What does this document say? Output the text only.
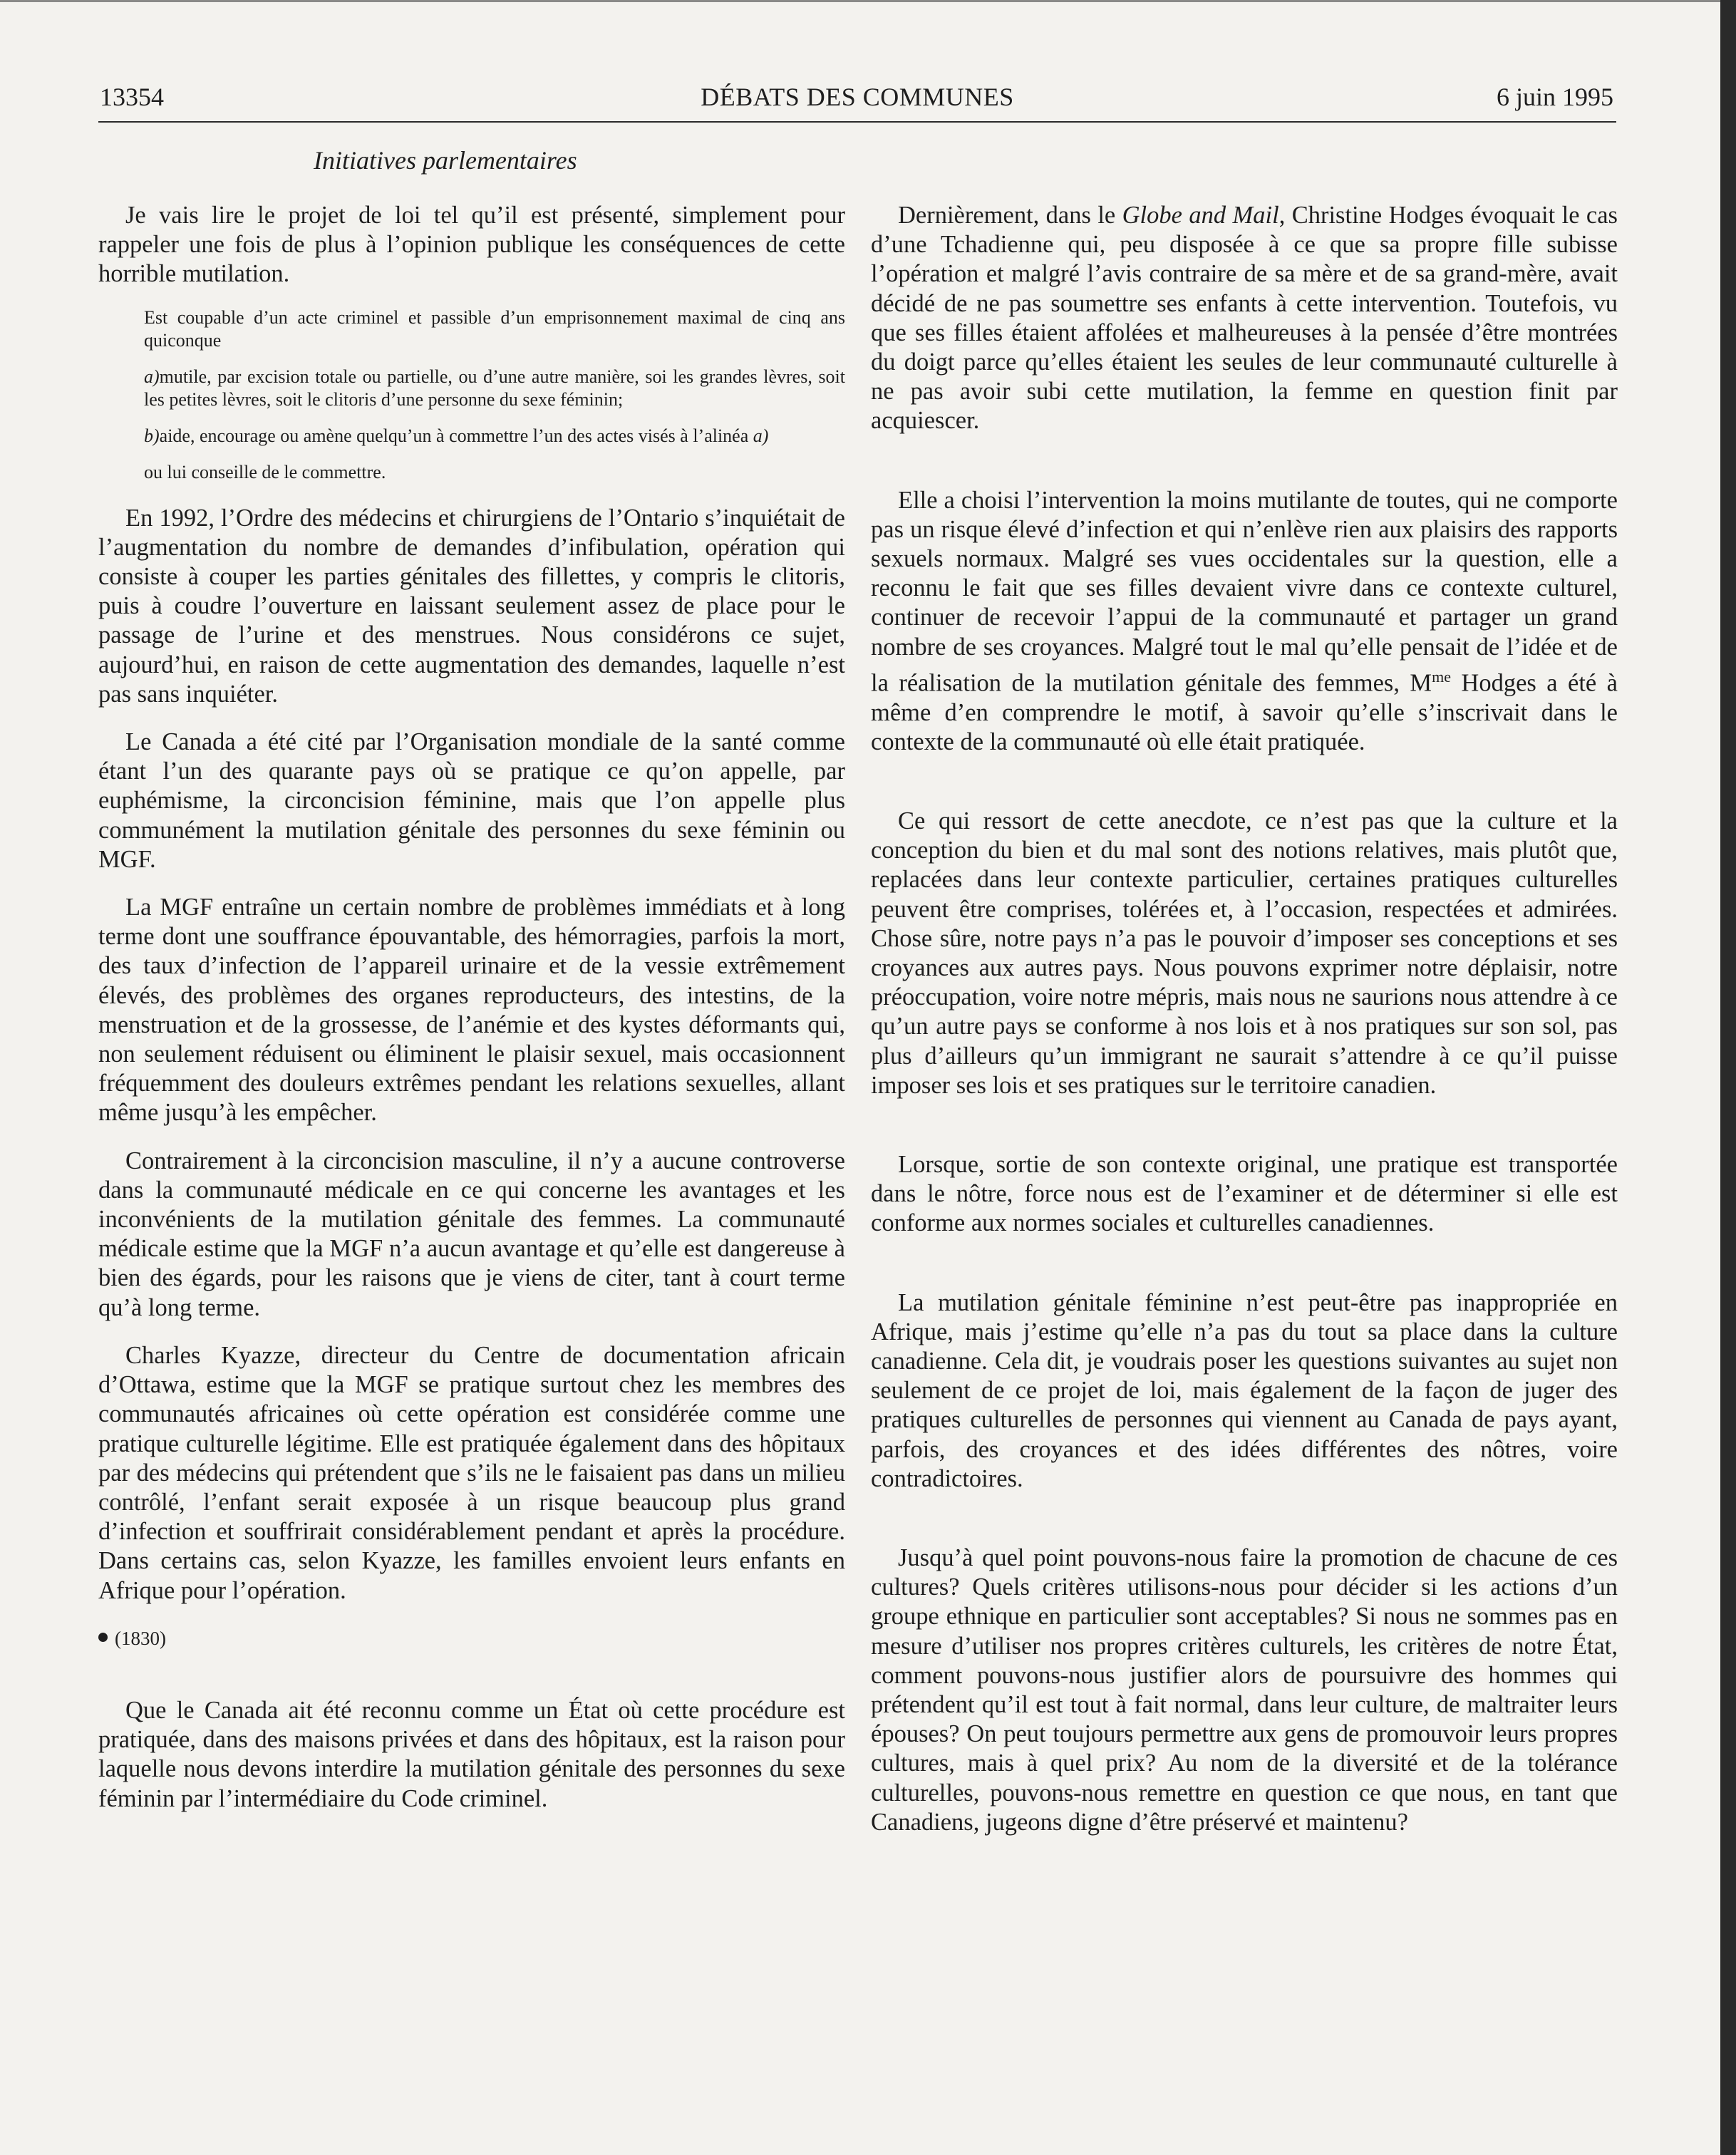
13354	DÉBATS DES COMMUNES	6 juin 1995
Initiatives parlementaires

Je vais lire le projet de loi tel qu’il est présenté, simplement pour rappeler une fois de plus à l’opinion publique les conséquences de cette horrible mutilation.

Est coupable d’un acte criminel et passible d’un emprisonnement maximal de cinq ans quiconque

a)mutile, par excision totale ou partielle, ou d’une autre manière, soi les grandes lèvres, soit les petites lèvres, soit le clitoris d’une personne du sexe féminin;

b)aide, encourage ou amène quelqu’un à commettre l’un des actes visés à l’alinéa a)

ou lui conseille de le commettre.

En 1992, l’Ordre des médecins et chirurgiens de l’Ontario s’inquiétait de l’augmentation du nombre de demandes d’infibulation, opération qui consiste à couper les parties génitales des fillettes, y compris le clitoris, puis à coudre l’ouverture en laissant seulement assez de place pour le passage de l’urine et des menstrues. Nous considérons ce sujet, aujourd’hui, en raison de cette augmentation des demandes, laquelle n’est pas sans inquiéter.

Le Canada a été cité par l’Organisation mondiale de la santé comme étant l’un des quarante pays où se pratique ce qu’on appelle, par euphémisme, la circoncision féminine, mais que l’on appelle plus communément la mutilation génitale des personnes du sexe féminin ou MGF.

La MGF entraîne un certain nombre de problèmes immédiats et à long terme dont une souffrance épouvantable, des hémorragies, parfois la mort, des taux d’infection de l’appareil urinaire et de la vessie extrêmement élevés, des problèmes des organes reproducteurs, des intestins, de la menstruation et de la grossesse, de l’anémie et des kystes déformants qui, non seulement réduisent ou éliminent le plaisir sexuel, mais occasionnent fréquemment des douleurs extrêmes pendant les relations sexuelles, allant même jusqu’à les empêcher.

Contrairement à la circoncision masculine, il n’y a aucune controverse dans la communauté médicale en ce qui concerne les avantages et les inconvénients de la mutilation génitale des femmes. La communauté médicale estime que la MGF n’a aucun avantage et qu’elle est dangereuse à bien des égards, pour les raisons que je viens de citer, tant à court terme qu’à long terme.

Charles Kyazze, directeur du Centre de documentation africain d’Ottawa, estime que la MGF se pratique surtout chez les membres des communautés africaines où cette opération est considérée comme une pratique culturelle légitime. Elle est pratiquée également dans des hôpitaux par des médecins qui prétendent que s’ils ne le faisaient pas dans un milieu contrôlé, l’enfant serait exposée à un risque beaucoup plus grand d’infection et souffrirait considérablement pendant et après la procédure. Dans certains cas, selon Kyazze, les familles envoient leurs enfants en Afrique pour l’opération.

(1830)

Que le Canada ait été reconnu comme un État où cette procédure est pratiquée, dans des maisons privées et dans des hôpitaux, est la raison pour laquelle nous devons interdire la mutilation génitale des personnes du sexe féminin par l’intermédiaire du Code criminel.

Dernièrement, dans le Globe and Mail, Christine Hodges évoquait le cas d’une Tchadienne qui, peu disposée à ce que sa propre fille subisse l’opération et malgré l’avis contraire de sa mère et de sa grand-mère, avait décidé de ne pas soumettre ses enfants à cette intervention. Toutefois, vu que ses filles étaient affolées et malheureuses à la pensée d’être montrées du doigt parce qu’elles étaient les seules de leur communauté culturelle à ne pas avoir subi cette mutilation, la femme en question finit par acquiescer.

Elle a choisi l’intervention la moins mutilante de toutes, qui ne comporte pas un risque élevé d’infection et qui n’enlève rien aux plaisirs des rapports sexuels normaux. Malgré ses vues occidentales sur la question, elle a reconnu le fait que ses filles devaient vivre dans ce contexte culturel, continuer de recevoir l’appui de la communauté et partager un grand nombre de ses croyances. Malgré tout le mal qu’elle pensait de l’idée et de la réalisation de la mutilation génitale des femmes, $M^{me}$ Hodges a été à même d’en comprendre le motif, à savoir qu’elle s’inscrivait dans le contexte de la communauté où elle était pratiquée.

Ce qui ressort de cette anecdote, ce n’est pas que la culture et la conception du bien et du mal sont des notions relatives, mais plutôt que, replacées dans leur contexte particulier, certaines pratiques culturelles peuvent être comprises, tolérées et, à l’occasion, respectées et admirées. Chose sûre, notre pays n’a pas le pouvoir d’imposer ses conceptions et ses croyances aux autres pays. Nous pouvons exprimer notre déplaisir, notre préoccupation, voire notre mépris, mais nous ne saurions nous attendre à ce qu’un autre pays se conforme à nos lois et à nos pratiques sur son sol, pas plus d’ailleurs qu’un immigrant ne saurait s’attendre à ce qu’il puisse imposer ses lois et ses pratiques sur le territoire canadien.

Lorsque, sortie de son contexte original, une pratique est transportée dans le nôtre, force nous est de l’examiner et de déterminer si elle est conforme aux normes sociales et culturelles canadiennes.

La mutilation génitale féminine n’est peut-être pas inappropriée en Afrique, mais j’estime qu’elle n’a pas du tout sa place dans la culture canadienne. Cela dit, je voudrais poser les questions suivantes au sujet non seulement de ce projet de loi, mais également de la façon de juger des pratiques culturelles de personnes qui viennent au Canada de pays ayant, parfois, des croyances et des idées différentes des nôtres, voire contradictoires.

Jusqu’à quel point pouvons-nous faire la promotion de chacune de ces cultures? Quels critères utilisons-nous pour décider si les actions d’un groupe ethnique en particulier sont acceptables? Si nous ne sommes pas en mesure d’utiliser nos propres critères culturels, les critères de notre État, comment pouvons-nous justifier alors de poursuivre des hommes qui prétendent qu’il est tout à fait normal, dans leur culture, de maltraiter leurs épouses? On peut toujours permettre aux gens de promouvoir leurs propres cultures, mais à quel prix? Au nom de la diversité et de la tolérance culturelles, pouvons-nous remettre en question ce que nous, en tant que Canadiens, jugeons digne d’être préservé et maintenu?
